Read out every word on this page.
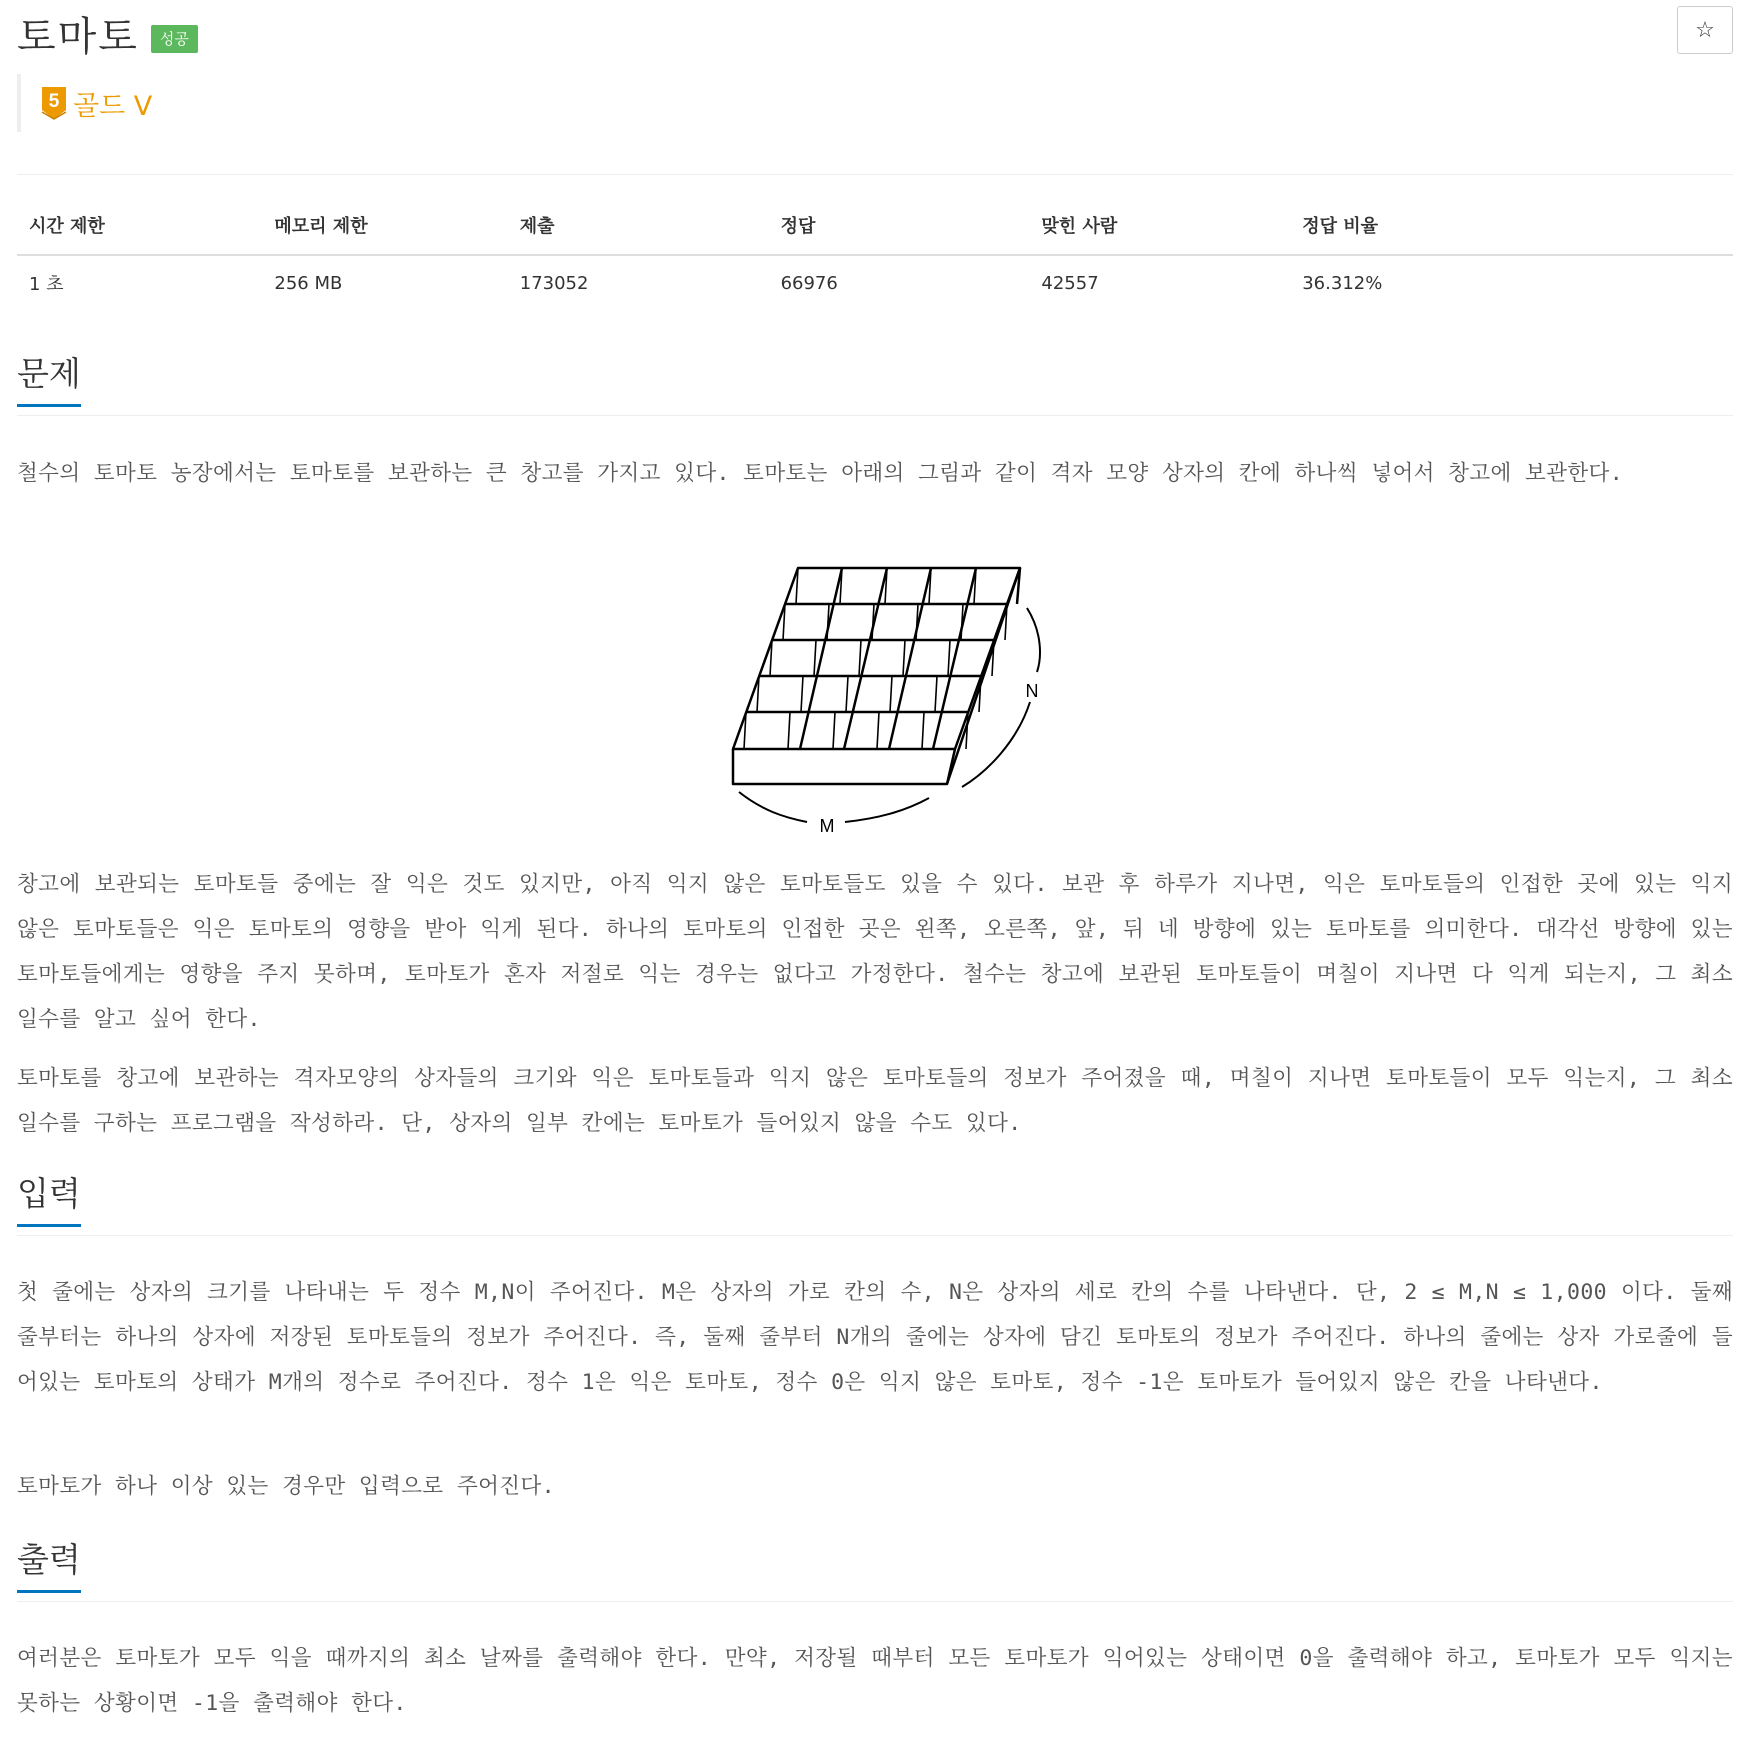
토마토	성공	☆
5 골드 V
시간 제한	메모리 제한	제출	정답	맞힌 사람	정답 비율
1 초	256 MB	173052	66976	42557	36.312%
문제
철수의 토마토 농장에서는 토마토를 보관하는 큰 창고를 가지고 있다. 토마토는 아래의 그림과 같이 격자 모양 상자의 칸에 하나씩 넣어서 창고에 보관한다.
N
M
창고에 보관되는 토마토들 중에는 잘 익은 것도 있지만, 아직 익지 않은 토마토들도 있을 수 있다. 보관 후 하루가 지나면, 익은 토마토들의 인접한 곳에 있는 익지 않은 토마토들은 익은 토마토의 영향을 받아 익게 된다. 하나의 토마토의 인접한 곳은 왼쪽, 오른쪽, 앞, 뒤 네 방향에 있는 토마토를 의미한다. 대각선 방향에 있는 토마토들에게는 영향을 주지 못하며, 토마토가 혼자 저절로 익는 경우는 없다고 가정한다. 철수는 창고에 보관된 토마토들이 며칠이 지나면 다 익게 되는지, 그 최소 일수를 알고 싶어 한다.
토마토를 창고에 보관하는 격자모양의 상자들의 크기와 익은 토마토들과 익지 않은 토마토들의 정보가 주어졌을 때, 며칠이 지나면 토마토들이 모두 익는지, 그 최소 일수를 구하는 프로그램을 작성하라. 단, 상자의 일부 칸에는 토마토가 들어있지 않을 수도 있다.
입력
첫 줄에는 상자의 크기를 나타내는 두 정수 M,N이 주어진다. M은 상자의 가로 칸의 수, N은 상자의 세로 칸의 수를 나타낸다. 단, 2 ≤ M,N ≤ 1,000 이다. 둘째 줄부터는 하나의 상자에 저장된 토마토들의 정보가 주어진다. 즉, 둘째 줄부터 N개의 줄에는 상자에 담긴 토마토의 정보가 주어진다. 하나의 줄에는 상자 가로줄에 들어있는 토마토의 상태가 M개의 정수로 주어진다. 정수 1은 익은 토마토, 정수 0은 익지 않은 토마토, 정수 -1은 토마토가 들어있지 않은 칸을 나타낸다.
토마토가 하나 이상 있는 경우만 입력으로 주어진다.
출력
여러분은 토마토가 모두 익을 때까지의 최소 날짜를 출력해야 한다. 만약, 저장될 때부터 모든 토마토가 익어있는 상태이면 0을 출력해야 하고, 토마토가 모두 익지는 못하는 상황이면 -1을 출력해야 한다.
